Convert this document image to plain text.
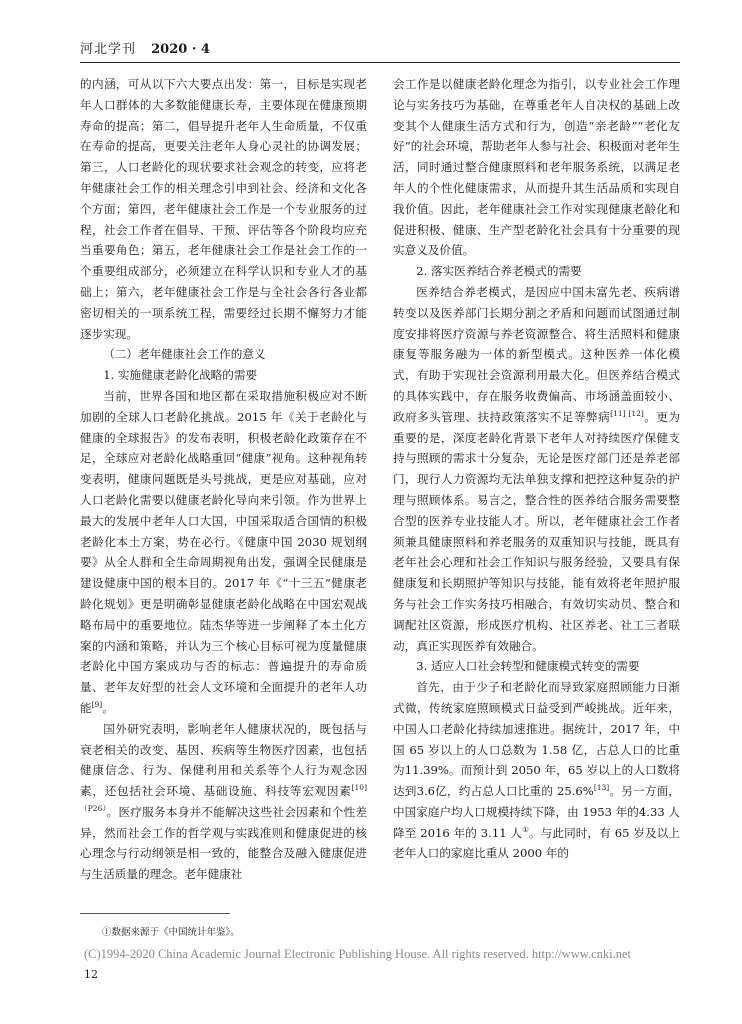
河北学刊 2020 · 4

的内涵，可从以下六大要点出发：第一，目标是实现老年人口群体的大多数能健康长寿，主要体现在健康预期寿命的提高；第二，倡导提升老年人生命质量，不仅重在寿命的提高，更要关注老年人身心灵社的协调发展；第三，人口老龄化的现状要求社会观念的转变，应将老年健康社会工作的相关理念引申到社会、经济和文化各个方面；第四，老年健康社会工作是一个专业服务的过程，社会工作者在倡导、干预、评估等各个阶段均应充当重要角色；第五，老年健康社会工作是社会工作的一个重要组成部分，必须建立在科学认识和专业人才的基础上；第六，老年健康社会工作是与全社会各行各业都密切相关的一项系统工程，需要经过长期不懈努力才能逐步实现。

（二）老年健康社会工作的意义

1. 实施健康老龄化战略的需要

当前，世界各国和地区都在采取措施积极应对不断加剧的全球人口老龄化挑战。2015 年《关于老龄化与健康的全球报告》的发布表明，积极老龄化政策存在不足，全球应对老龄化战略重回“健康”视角。这种视角转变表明，健康问题既是头号挑战，更是应对基础，应对人口老龄化需要以健康老龄化导向来引领。作为世界上最大的发展中老年人口大国，中国采取适合国情的积极老龄化本土方案，势在必行。《健康中国 2030 规划纲要》从全人群和全生命周期视角出发，强调全民健康是建设健康中国的根本目的。2017 年《“十三五”健康老龄化规划》更是明确彰显健康老龄化战略在中国宏观战略布局中的重要地位。陆杰华等进一步阐释了本土化方案的内涵和策略，并认为三个核心目标可视为度量健康老龄化中国方案成功与否的标志：普遍提升的寿命质量、老年友好型的社会人文环境和全面提升的老年人功能[9]。

国外研究表明，影响老年人健康状况的，既包括与衰老相关的改变、基因、疾病等生物医疗因素，也包括健康信念、行为、保健利用和关系等个人行为观念因素，还包括社会环境、基础设施、科技等宏观因素$^{[10](P26)}$。医疗服务本身并不能解决这些社会因素和个性差异，然而社会工作的哲学观与实践准则和健康促进的核心理念与行动纲领是相一致的，能整合及融入健康促进与生活质量的理念。老年健康社

会工作是以健康老龄化理念为指引，以专业社会工作理论与实务技巧为基础，在尊重老年人自决权的基础上改变其个人健康生活方式和行为，创造“亲老龄”“老化友好”的社会环境，帮助老年人参与社会、积极面对老年生活，同时通过整合健康照料和老年服务系统，以满足老年人的个性化健康需求，从而提升其生活品质和实现自我价值。因此，老年健康社会工作对实现健康老龄化和促进积极、健康、生产型老龄化社会具有十分重要的现实意义及价值。

2. 落实医养结合养老模式的需要

医养结合养老模式，是因应中国未富先老、疾病谱转变以及医养部门长期分割之矛盾和问题而试图通过制度安排将医疗资源与养老资源整合、将生活照料和健康康复等服务融为一体的新型模式。这种医养一体化模式，有助于实现社会资源利用最大化。但医养结合模式的具体实践中，存在服务收费偏高、市场涵盖面较小、政府多头管理、扶持政策落实不足等弊病[11] [12]。更为重要的是，深度老龄化背景下老年人对持续医疗保健支持与照顾的需求十分复杂，无论是医疗部门还是养老部门，现行人力资源均无法单独支撑和把控这种复杂的护理与照顾体系。易言之，整合性的医养结合服务需要整合型的医养专业技能人才。所以，老年健康社会工作者须兼具健康照料和养老服务的双重知识与技能，既具有老年社会心理和社会工作知识与服务经验，又要具有保健康复和长期照护等知识与技能，能有效将老年照护服务与社会工作实务技巧相融合，有效切实动员、整合和调配社区资源，形成医疗机构、社区养老、社工三者联动，真正实现医养有效融合。

3. 适应人口社会转型和健康模式转变的需要

首先，由于少子和老龄化而导致家庭照顾能力日渐式微，传统家庭照顾模式日益受到严峻挑战。近年来，中国人口老龄化持续加速推进。据统计，2017 年，中国 65 岁以上的人口总数为 1.58 亿，占总人口的比重为11.39%。而预计到 2050 年，65 岁以上的人口数将达到3.6亿，约占总人口比重的 25.6%[13]。另一方面，中国家庭户均人口规模持续下降，由 1953 年的4.33 人降至 2016 年的 3.11 人①。与此同时，有 65 岁及以上老年人口的家庭比重从 2000 年的

①数据来源于《中国统计年鉴》。
(C)1994-2020 China Academic Journal Electronic Publishing House. All rights reserved. http://www.cnki.net
12
